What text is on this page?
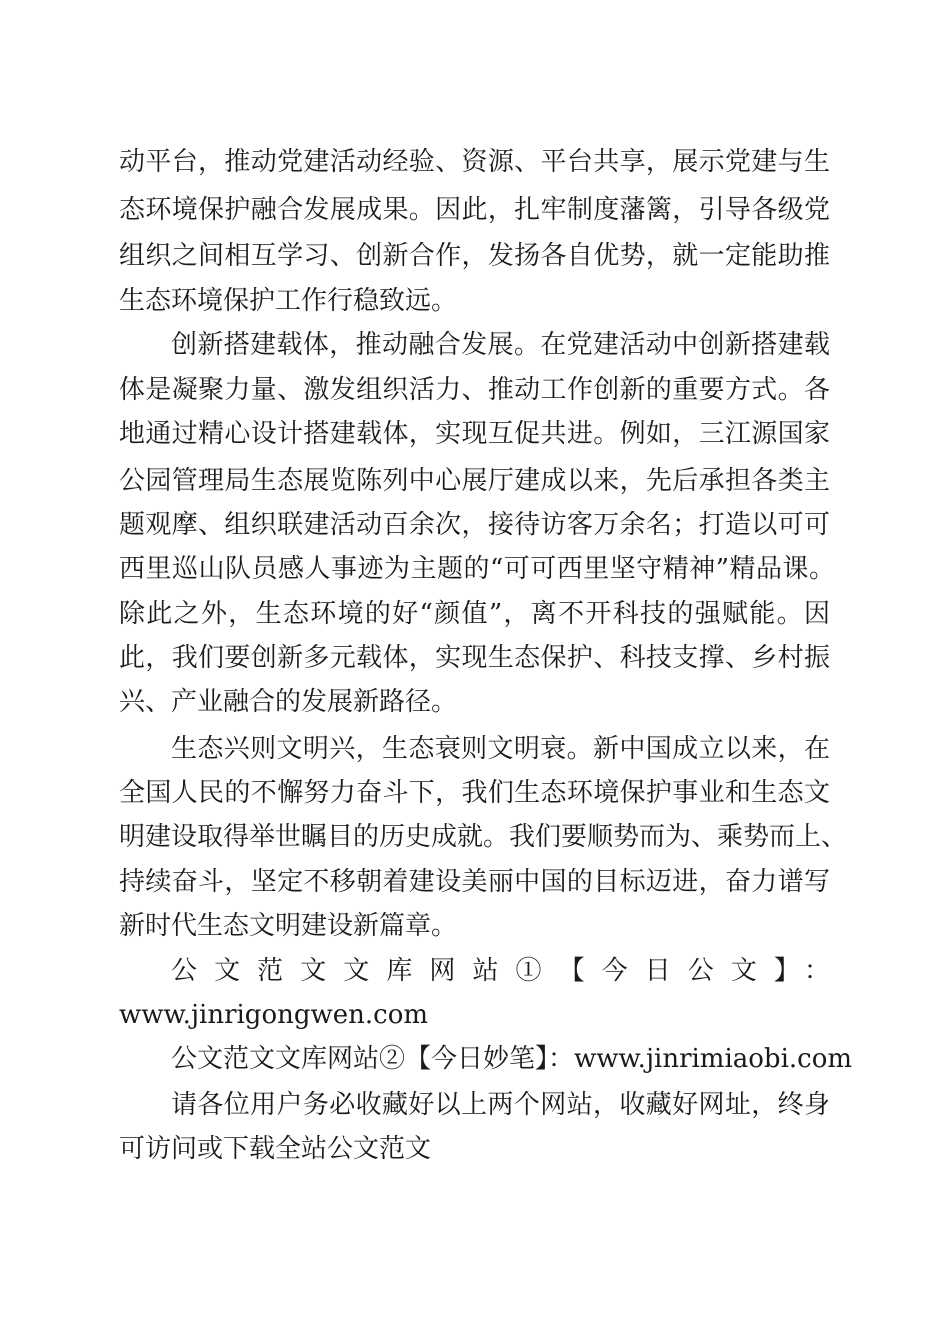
动平台，推动党建活动经验、资源、平台共享，展示党建与生

态环境保护融合发展成果。因此，扎牢制度藩篱，引导各级党

组织之间相互学习、创新合作，发扬各自优势，就一定能助推

生态环境保护工作行稳致远。

创新搭建载体，推动融合发展。在党建活动中创新搭建载

体是凝聚力量、激发组织活力、推动工作创新的重要方式。各

地通过精心设计搭建载体，实现互促共进。例如，三江源国家

公园管理局生态展览陈列中心展厅建成以来，先后承担各类主

题观摩、组织联建活动百余次，接待访客万余名；打造以可可

西里巡山队员感人事迹为主题的“可可西里坚守精神”精品课。

除此之外，生态环境的好“颜值”，离不开科技的强赋能。因

此，我们要创新多元载体，实现生态保护、科技支撑、乡村振

兴、产业融合的发展新路径。

生态兴则文明兴，生态衰则文明衰。新中国成立以来，在

全国人民的不懈努力奋斗下，我们生态环境保护事业和生态文

明建设取得举世瞩目的历史成就。我们要顺势而为、乘势而上、

持续奋斗，坚定不移朝着建设美丽中国的目标迈进，奋力谱写

新时代生态文明建设新篇章。

公文范文文库网站①【今日公文】：

www.jinrigongwen.com

公文范文文库网站②【今日妙笔】：www.jinrimiaobi.com

请各位用户务必收藏好以上两个网站，收藏好网址，终身

可访问或下载全站公文范文
